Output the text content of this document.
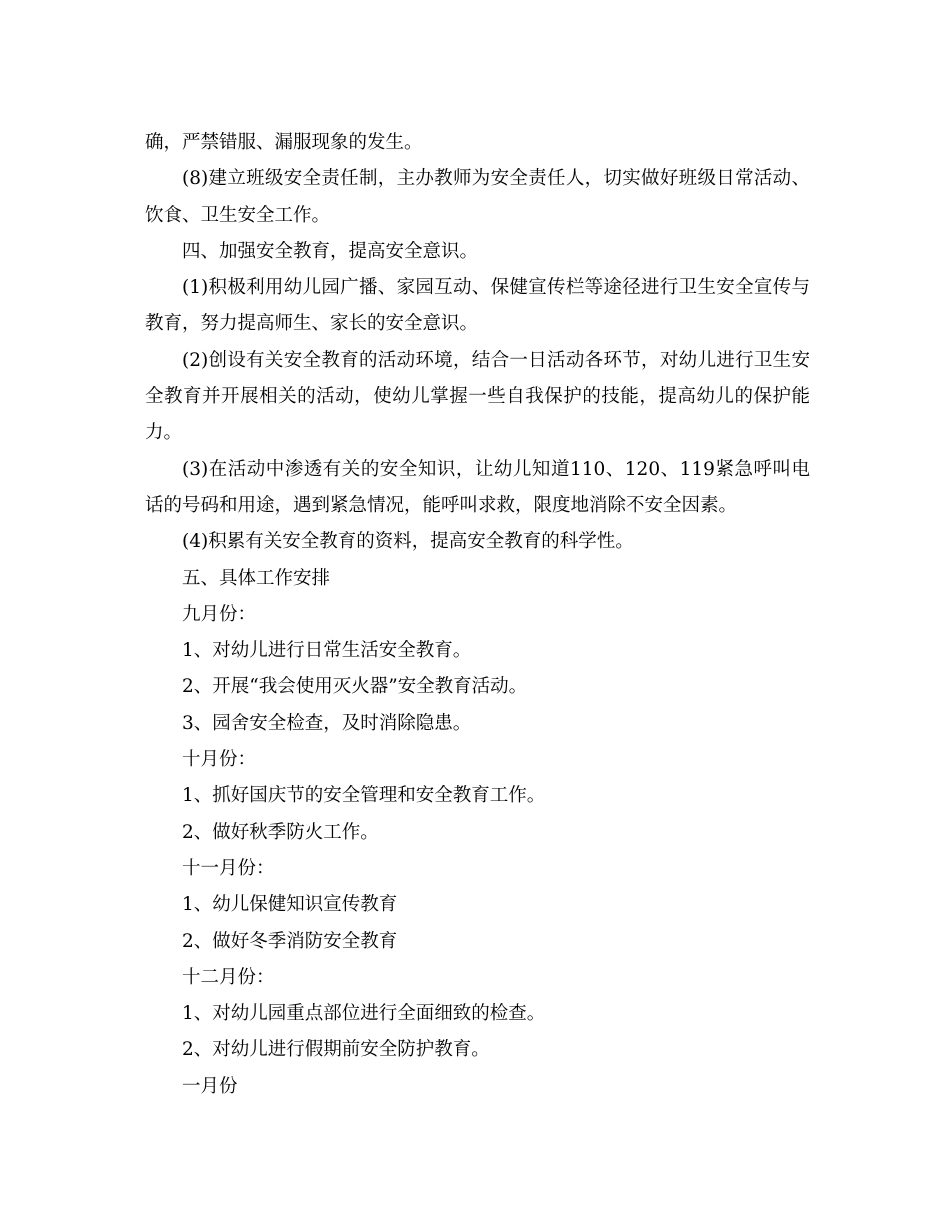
确，严禁错服、漏服现象的发生。

(8)建立班级安全责任制，主办教师为安全责任人，切实做好班级日常活动、饮食、卫生安全工作。

四、加强安全教育，提高安全意识。

(1)积极利用幼儿园广播、家园互动、保健宣传栏等途径进行卫生安全宣传与教育，努力提高师生、家长的安全意识。

(2)创设有关安全教育的活动环境，结合一日活动各环节，对幼儿进行卫生安全教育并开展相关的活动，使幼儿掌握一些自我保护的技能，提高幼儿的保护能力。

(3)在活动中渗透有关的安全知识，让幼儿知道110、120、119紧急呼叫电话的号码和用途，遇到紧急情况，能呼叫求救，限度地消除不安全因素。

(4)积累有关安全教育的资料，提高安全教育的科学性。

五、具体工作安排

九月份：

1、对幼儿进行日常生活安全教育。

2、开展“我会使用灭火器”安全教育活动。

3、园舍安全检查，及时消除隐患。

十月份：

1、抓好国庆节的安全管理和安全教育工作。

2、做好秋季防火工作。

十一月份：

1、幼儿保健知识宣传教育

2、做好冬季消防安全教育

十二月份：

1、对幼儿园重点部位进行全面细致的检查。

2、对幼儿进行假期前安全防护教育。

一月份
